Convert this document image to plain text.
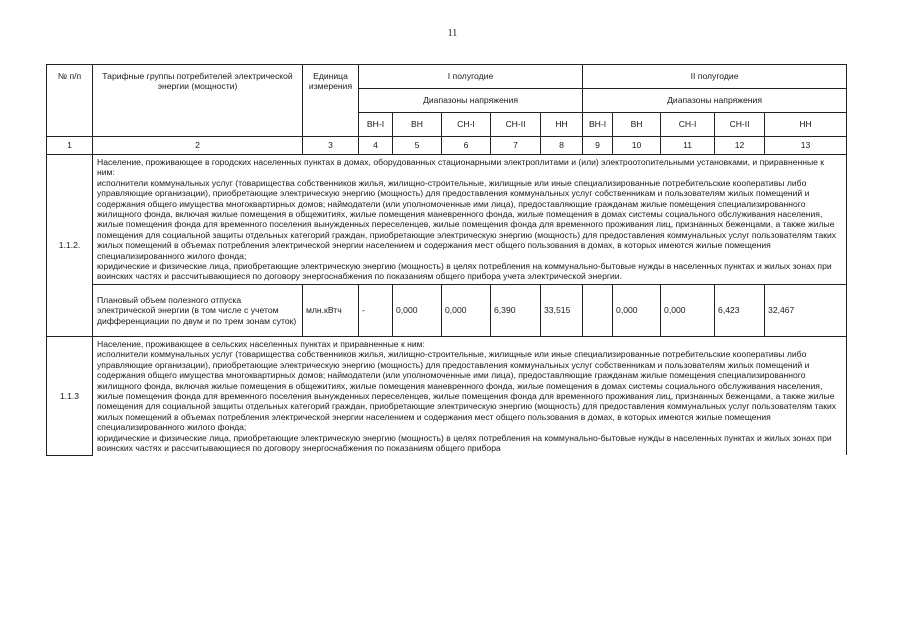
11
№ п/п	Тарифные группы потребителей электрической энергии (мощности)	Единица измерения	I полугодие					II полугодие				
			Диапазоны напряжения					Диапазоны напряжения				
			ВН-I	ВН	СН-I	СН-II	НН	ВН-I	ВН	СН-I	СН-II	НН
1	2	3	4	5	6	7	8	9	10	11	12	13
1.1.2.	Население, проживающее в городских населенных пунктах в домах, оборудованных стационарными электроплитами и (или) электроотопительными установками, и приравненные к ним:
исполнители коммунальных услуг (товарищества собственников жилья, жилищно-строительные, жилищные или иные специализированные потребительские кооперативы либо управляющие организации), приобретающие электрическую энергию (мощность) для предоставления коммунальных услуг собственникам и пользователям жилых помещений и содержания общего имущества многоквартирных домов; наймодатели (или уполномоченные ими лица), предоставляющие гражданам жилые помещения специализированного жилищного фонда, включая жилые помещения в общежитиях, жилые помещения маневренного фонда, жилые помещения в домах системы социального обслуживания населения, жилые помещения фонда для временного поселения вынужденных переселенцев, жилые помещения фонда для временного проживания лиц, признанных беженцами, а также жилые помещения для социальной защиты отдельных категорий граждан, приобретающие электрическую энергию (мощность) для предоставления коммунальных услуг пользователям таких жилых помещений в объемах потребления электрической энергии населением и содержания мест общего пользования в домах, в которых имеются жилые помещения специализированного жилого фонда;
юридические и физические лица, приобретающие электрическую энергию (мощность) в целях потребления на коммунально-бытовые нужды в населенных пунктах и жилых зонах при воинских частях и рассчитывающиеся по договору энергоснабжения по показаниям общего прибора учета электрической энергии.											

	Плановый объем полезного отпуска электрической энергии (в том числе с учетом дифференциации по двум и по трем зонам суток)	млн.кВтч	-	0,000	0,000	6,390	33,515		0,000	0,000	6,423	32,467
1.1.3	Население, проживающее в сельских населенных пунктах и приравненные к ним:
исполнители коммунальных услуг (товарищества собственников жилья, жилищно-строительные, жилищные или иные специализированные потребительские кооперативы либо управляющие организации), приобретающие электрическую энергию (мощность) для предоставления коммунальных услуг собственникам и пользователям жилых помещений и содержания общего имущества многоквартирных домов; наймодатели (или уполномоченные ими лица), предоставляющие гражданам жилые помещения специализированного жилищного фонда, включая жилые помещения в общежитиях, жилые помещения маневренного фонда, жилые помещения в домах системы социального обслуживания населения, жилые помещения фонда для временного поселения вынужденных переселенцев, жилые помещения фонда для временного проживания лиц, признанных беженцами, а также жилые помещения для социальной защиты отдельных категорий граждан, приобретающие электрическую энергию (мощность) для предоставления коммунальных услуг пользователям таких жилых помещений в объемах потребления электрической энергии населением и содержания мест общего пользования в домах, в которых имеются жилые помещения специализированного жилого фонда;
юридические и физические лица, приобретающие электрическую энергию (мощность) в целях потребления на коммунально-бытовые нужды в населенных пунктах и жилых зонах при воинских частях и рассчитывающиеся по договору энергоснабжения по показаниям общего прибора											
